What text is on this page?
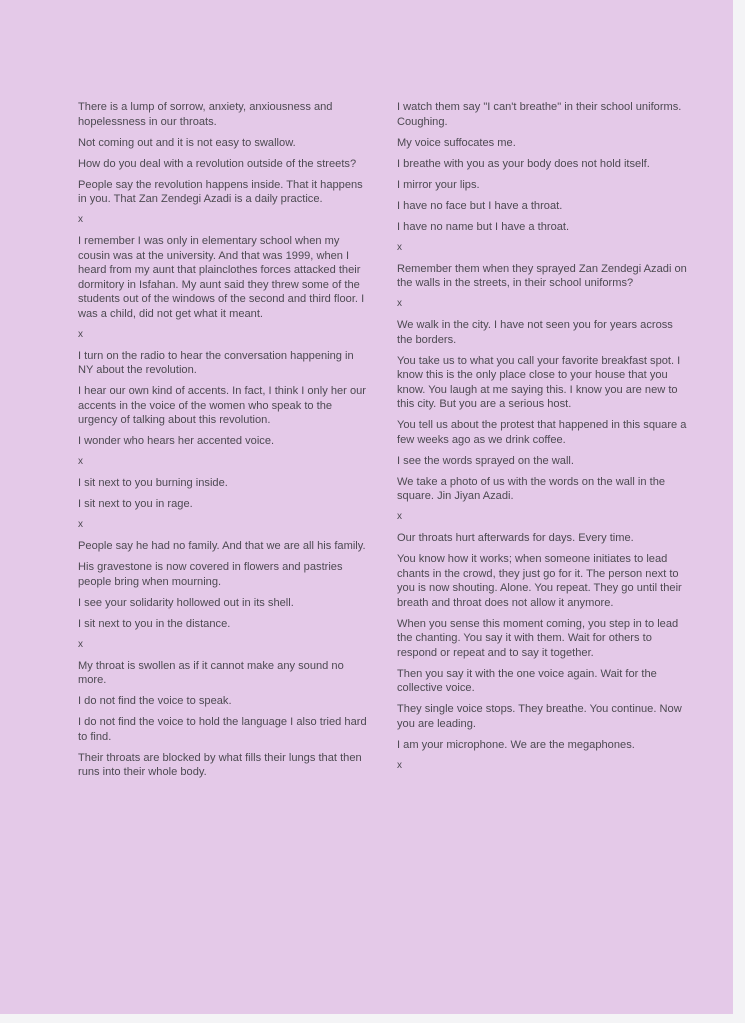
There is a lump of sorrow, anxiety, anxiousness and hopelessness in our throats.

Not coming out and it is not easy to swallow.

How do you deal with a revolution outside of the streets?

People say the revolution happens inside. That it happens in you. That Zan Zendegi Azadi is a daily practice.

x

I remember I was only in elementary school when my cousin was at the university. And that was 1999, when I heard from my aunt that plainclothes forces attacked their dormitory in Isfahan. My aunt said they threw some of the students out of the windows of the second and third floor. I was a child, did not get what it meant.

x

I turn on the radio to hear the conversation happening in NY about the revolution.

I hear our own kind of accents. In fact, I think I only her our accents in the voice of the women who speak to the urgency of talking about this revolution.

I wonder who hears her accented voice.

x

I sit next to you burning inside.

I sit next to you in rage.

x

People say he had no family. And that we are all his family.

His gravestone is now covered in flowers and pastries people bring when mourning.

I see your solidarity hollowed out in its shell.

I sit next to you in the distance.

x

My throat is swollen as if it cannot make any sound no more.

I do not find the voice to speak.

I do not find the voice to hold the language I also tried hard to find.

Their throats are blocked by what fills their lungs that then runs into their whole body.

I watch them say "I can't breathe" in their school uniforms. Coughing.

My voice suffocates me.

I breathe with you as your body does not hold itself.

I mirror your lips.

I have no face but I have a throat.

I have no name but I have a throat.

x

Remember them when they sprayed Zan Zendegi Azadi on the walls in the streets, in their school uniforms?

x

We walk in the city. I have not seen you for years across the borders.

You take us to what you call your favorite breakfast spot. I know this is the only place close to your house that you know. You laugh at me saying this. I know you are new to this city. But you are a serious host.

You tell us about the protest that happened in this square a few weeks ago as we drink coffee.

I see the words sprayed on the wall.

We take a photo of us with the words on the wall in the square. Jin Jiyan Azadi.

x

Our throats hurt afterwards for days. Every time.

You know how it works; when someone initiates to lead chants in the crowd, they just go for it. The person next to you is now shouting. Alone. You repeat. They go until their breath and throat does not allow it anymore.

When you sense this moment coming, you step in to lead the chanting. You say it with them. Wait for others to respond or repeat and to say it together.

Then you say it with the one voice again. Wait for the collective voice.

They single voice stops. They breathe. You continue. Now you are leading.

I am your microphone. We are the megaphones.

x
